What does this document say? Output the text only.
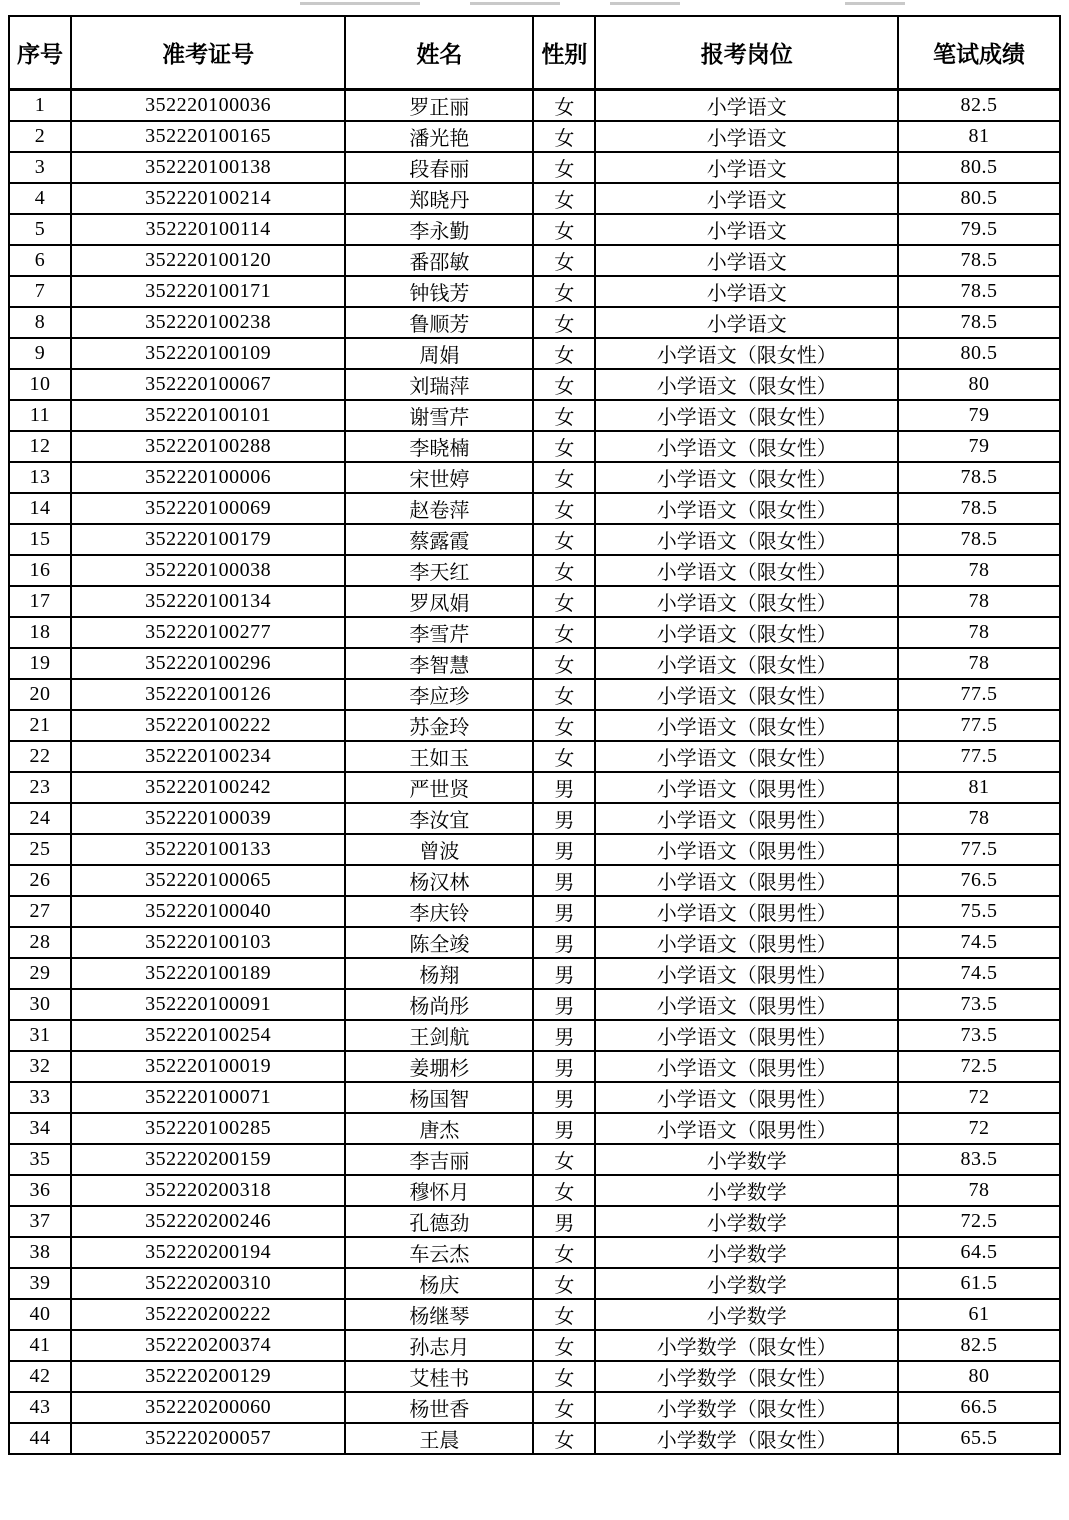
序号	准考证号	姓名	性别	报考岗位	笔试成绩
1	352220100036	罗正丽	女	小学语文	82.5
2	352220100165	潘光艳	女	小学语文	81
3	352220100138	段春丽	女	小学语文	80.5
4	352220100214	郑晓丹	女	小学语文	80.5
5	352220100114	李永勤	女	小学语文	79.5
6	352220100120	番邵敏	女	小学语文	78.5
7	352220100171	钟钱芳	女	小学语文	78.5
8	352220100238	鲁顺芳	女	小学语文	78.5
9	352220100109	周娟	女	小学语文（限女性）	80.5
10	352220100067	刘瑞萍	女	小学语文（限女性）	80
11	352220100101	谢雪芹	女	小学语文（限女性）	79
12	352220100288	李晓楠	女	小学语文（限女性）	79
13	352220100006	宋世婷	女	小学语文（限女性）	78.5
14	352220100069	赵卷萍	女	小学语文（限女性）	78.5
15	352220100179	蔡露霞	女	小学语文（限女性）	78.5
16	352220100038	李天红	女	小学语文（限女性）	78
17	352220100134	罗凤娟	女	小学语文（限女性）	78
18	352220100277	李雪芹	女	小学语文（限女性）	78
19	352220100296	李智慧	女	小学语文（限女性）	78
20	352220100126	李应珍	女	小学语文（限女性）	77.5
21	352220100222	苏金玲	女	小学语文（限女性）	77.5
22	352220100234	王如玉	女	小学语文（限女性）	77.5
23	352220100242	严世贤	男	小学语文（限男性）	81
24	352220100039	李汝宜	男	小学语文（限男性）	78
25	352220100133	曾波	男	小学语文（限男性）	77.5
26	352220100065	杨汉林	男	小学语文（限男性）	76.5
27	352220100040	李庆铃	男	小学语文（限男性）	75.5
28	352220100103	陈全竣	男	小学语文（限男性）	74.5
29	352220100189	杨翔	男	小学语文（限男性）	74.5
30	352220100091	杨尚彤	男	小学语文（限男性）	73.5
31	352220100254	王剑航	男	小学语文（限男性）	73.5
32	352220100019	姜堋杉	男	小学语文（限男性）	72.5
33	352220100071	杨国智	男	小学语文（限男性）	72
34	352220100285	唐杰	男	小学语文（限男性）	72
35	352220200159	李吉丽	女	小学数学	83.5
36	352220200318	穆怀月	女	小学数学	78
37	352220200246	孔德劲	男	小学数学	72.5
38	352220200194	车云杰	女	小学数学	64.5
39	352220200310	杨庆	女	小学数学	61.5
40	352220200222	杨继琴	女	小学数学	61
41	352220200374	孙志月	女	小学数学（限女性）	82.5
42	352220200129	艾桂书	女	小学数学（限女性）	80
43	352220200060	杨世香	女	小学数学（限女性）	66.5
44	352220200057	王晨	女	小学数学（限女性）	65.5
